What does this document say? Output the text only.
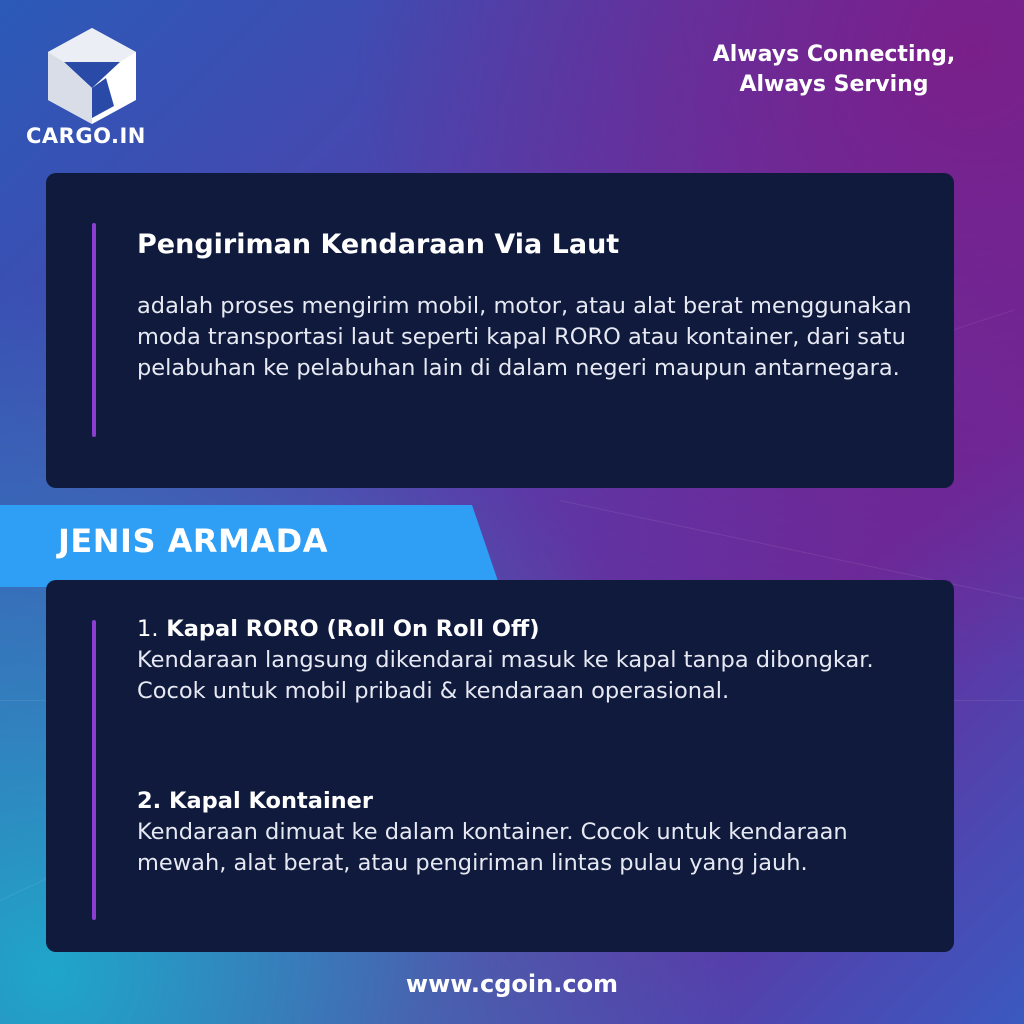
CARGO.IN
Always Connecting,
Always Serving
Pengiriman Kendaraan Via Laut
adalah proses mengirim mobil, motor, atau alat berat menggunakan moda transportasi laut seperti kapal RORO atau kontainer, dari satu pelabuhan ke pelabuhan lain di dalam negeri maupun antarnegara.
JENIS ARMADA
1. Kapal RORO (Roll On Roll Off)
Kendaraan langsung dikendarai masuk ke kapal tanpa dibongkar. Cocok untuk mobil pribadi & kendaraan operasional.
2. Kapal Kontainer
Kendaraan dimuat ke dalam kontainer. Cocok untuk kendaraan mewah, alat berat, atau pengiriman lintas pulau yang jauh.
www.cgoin.com
